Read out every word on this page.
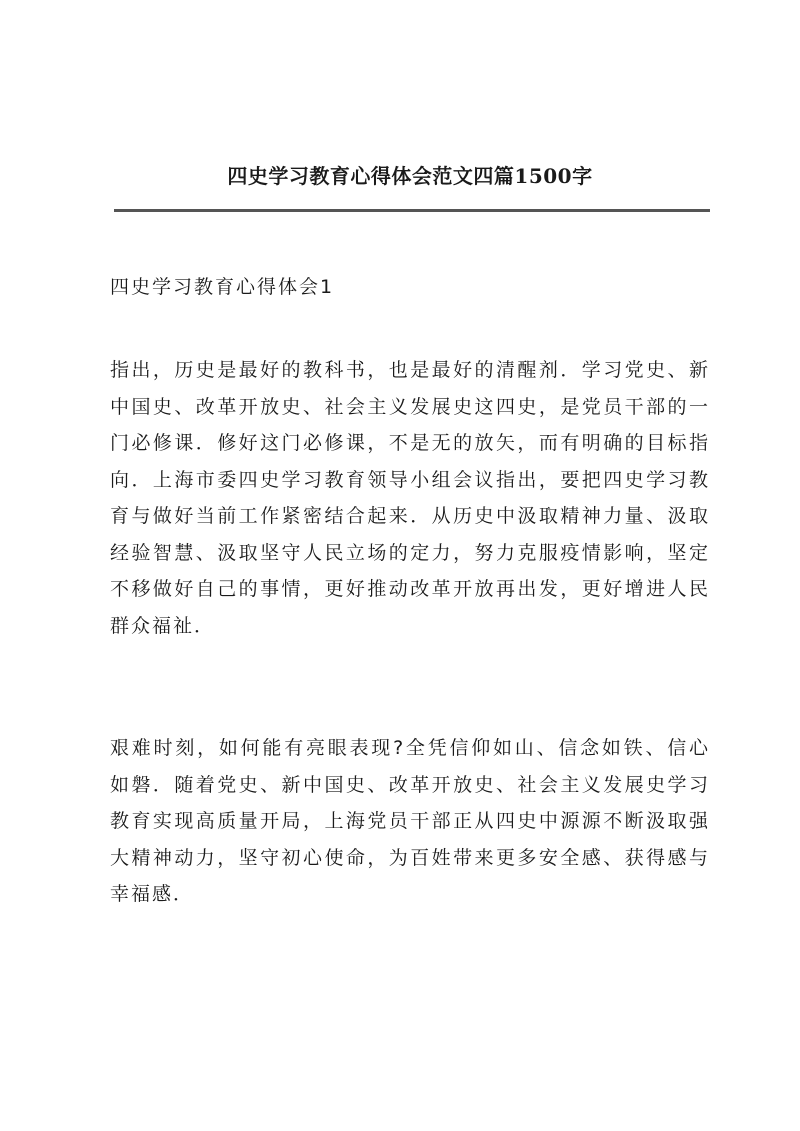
四史学习教育心得体会范文四篇1500字
四史学习教育心得体会1
指出，历史是最好的教科书，也是最好的清醒剂．学习党史、新中国史、改革开放史、社会主义发展史这四史，是党员干部的一门必修课．修好这门必修课，不是无的放矢，而有明确的目标指向．上海市委四史学习教育领导小组会议指出，要把四史学习教育与做好当前工作紧密结合起来．从历史中汲取精神力量、汲取经验智慧、汲取坚守人民立场的定力，努力克服疫情影响，坚定不移做好自己的事情，更好推动改革开放再出发，更好增进人民群众福祉．
艰难时刻，如何能有亮眼表现?全凭信仰如山、信念如铁、信心如磐．随着党史、新中国史、改革开放史、社会主义发展史学习教育实现高质量开局，上海党员干部正从四史中源源不断汲取强大精神动力，坚守初心使命，为百姓带来更多安全感、获得感与幸福感．
